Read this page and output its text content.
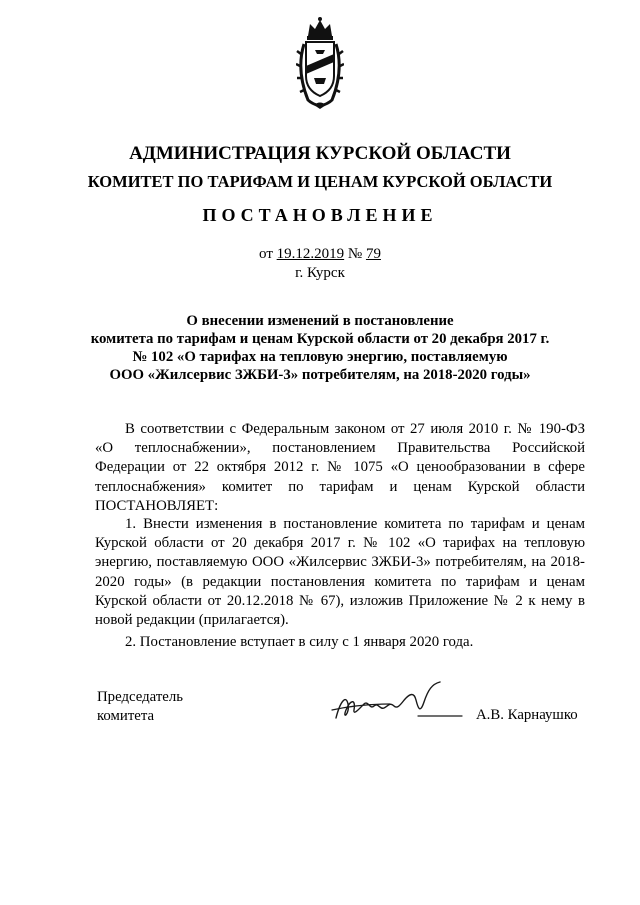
АДМИНИСТРАЦИЯ КУРСКОЙ ОБЛАСТИ
КОМИТЕТ ПО ТАРИФАМ И ЦЕНАМ КУРСКОЙ ОБЛАСТИ
ПОСТАНОВЛЕНИЕ
от 19.12.2019 № 79
г. Курск
О внесении изменений в постановление
комитета по тарифам и ценам Курской области от 20 декабря 2017 г.
№ 102 «О тарифах на тепловую энергию, поставляемую
ООО «Жилсервис ЗЖБИ-3» потребителям, на 2018-2020 годы»
В соответствии с Федеральным законом от 27 июля 2010 г. № 190-ФЗ «О теплоснабжении», постановлением Правительства Российской Федерации от 22 октября 2012 г. № 1075 «О ценообразовании в сфере теплоснабжения» комитет по тарифам и ценам Курской области ПОСТАНОВЛЯЕТ:
1. Внести изменения в постановление комитета по тарифам и ценам Курской области от 20 декабря 2017 г. № 102 «О тарифах на тепловую энергию, поставляемую ООО «Жилсервис ЗЖБИ-3» потребителям, на 2018-2020 годы» (в редакции постановления комитета по тарифам и ценам Курской области от 20.12.2018 № 67), изложив Приложение № 2 к нему в новой редакции (прилагается).
2. Постановление вступает в силу с 1 января 2020 года.
Председатель
комитета	А.В. Карнаушко
